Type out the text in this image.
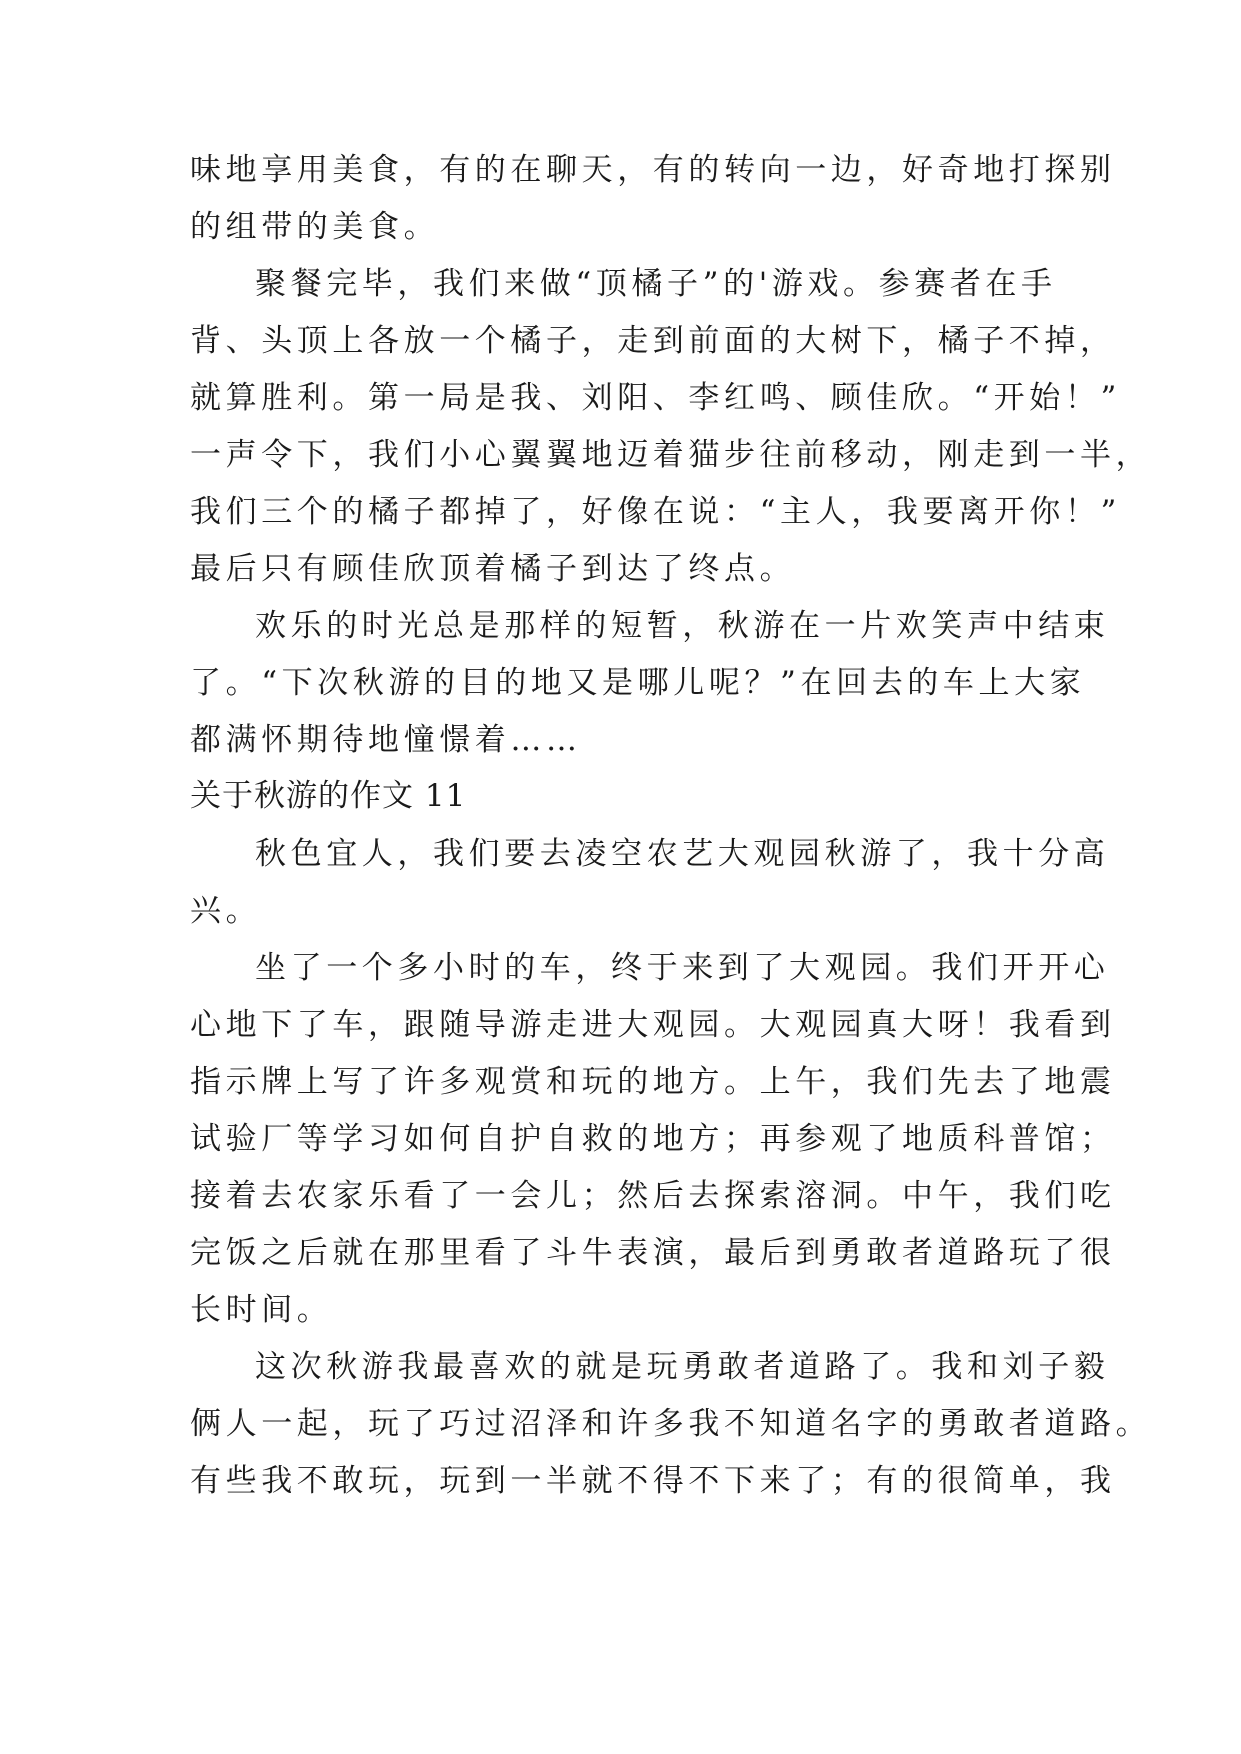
味地享用美食，有的在聊天，有的转向一边，好奇地打探别
的组带的美食。
聚餐完毕，我们来做“顶橘子”的'游戏。参赛者在手
背、头顶上各放一个橘子，走到前面的大树下，橘子不掉，
就算胜利。第一局是我、刘阳、李红鸣、顾佳欣。“开始！”
一声令下，我们小心翼翼地迈着猫步往前移动，刚走到一半，
我们三个的橘子都掉了，好像在说：“主人，我要离开你！”
最后只有顾佳欣顶着橘子到达了终点。
欢乐的时光总是那样的短暂，秋游在一片欢笑声中结束
了。“下次秋游的目的地又是哪儿呢？”在回去的车上大家
都满怀期待地憧憬着……
关于秋游的作文 11
秋色宜人，我们要去凌空农艺大观园秋游了，我十分高
兴。
坐了一个多小时的车，终于来到了大观园。我们开开心
心地下了车，跟随导游走进大观园。大观园真大呀！我看到
指示牌上写了许多观赏和玩的地方。上午，我们先去了地震
试验厂等学习如何自护自救的地方；再参观了地质科普馆；
接着去农家乐看了一会儿；然后去探索溶洞。中午，我们吃
完饭之后就在那里看了斗牛表演，最后到勇敢者道路玩了很
长时间。
这次秋游我最喜欢的就是玩勇敢者道路了。我和刘子毅
俩人一起，玩了巧过沼泽和许多我不知道名字的勇敢者道路。
有些我不敢玩，玩到一半就不得不下来了；有的很简单，我
